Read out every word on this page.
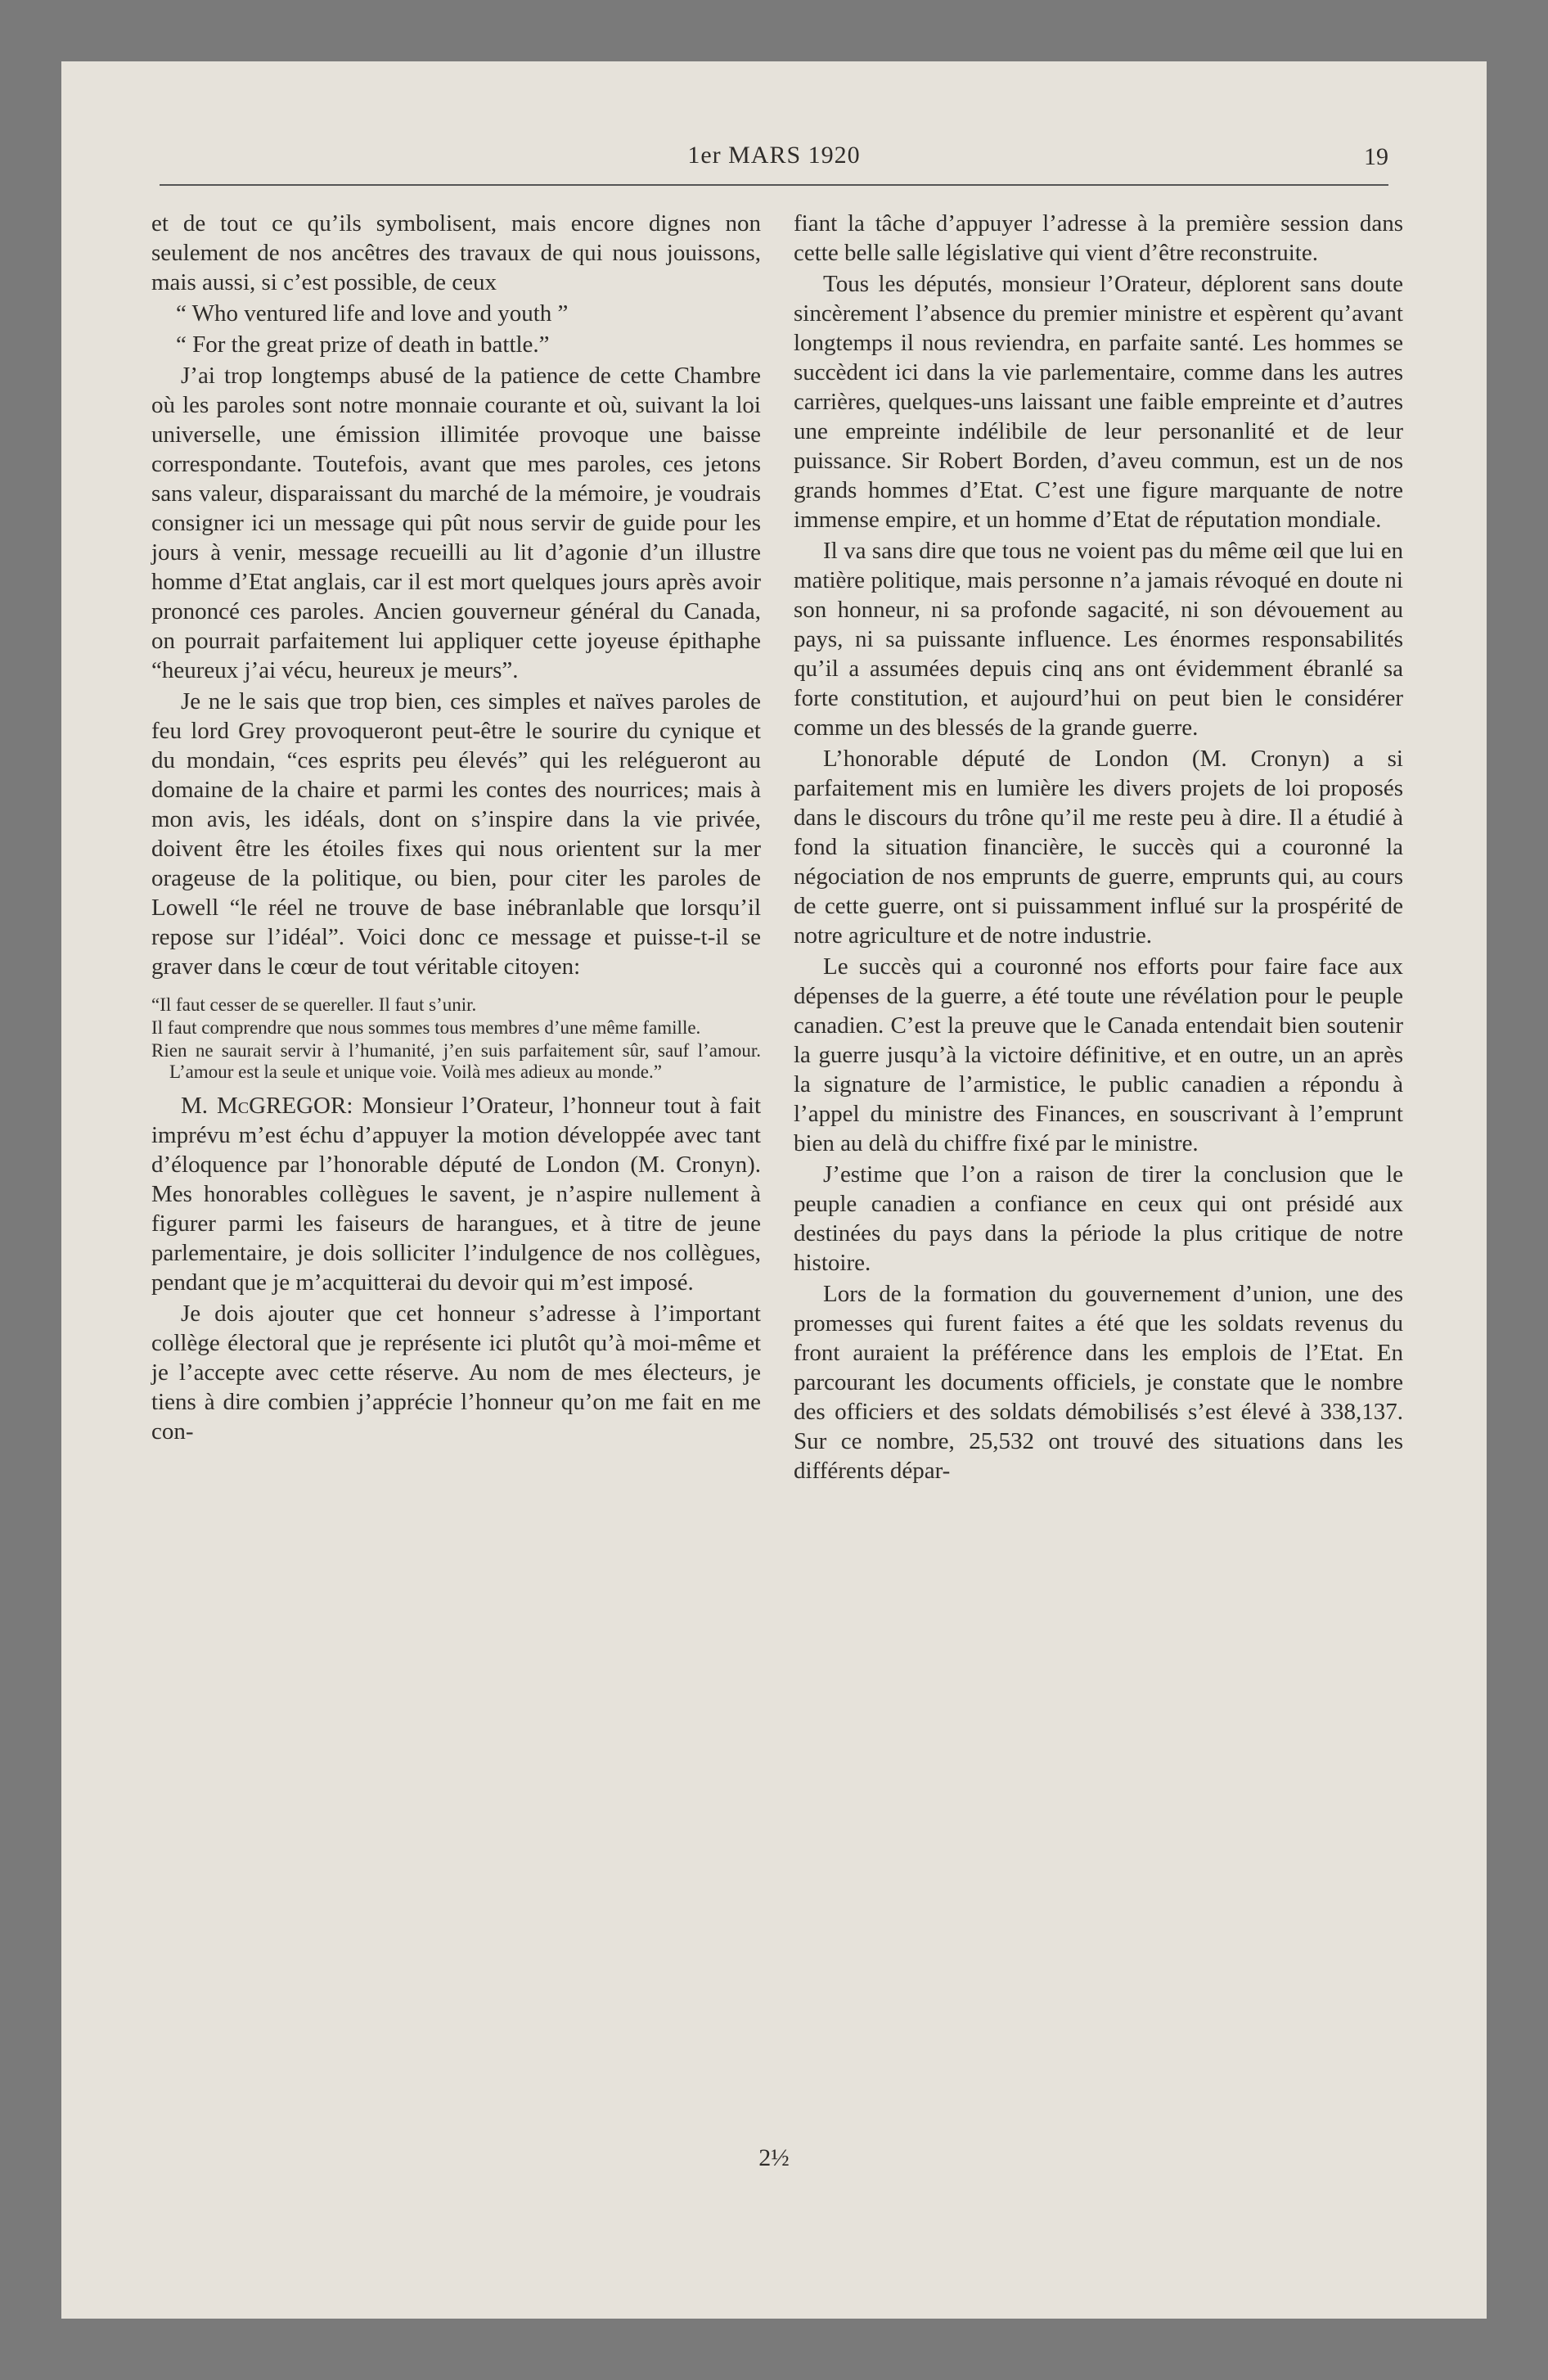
1er MARS 1920	19

et de tout ce qu’ils symbolisent, mais encore dignes non seulement de nos ancêtres des travaux de qui nous jouissons, mais aussi, si c’est possible, de ceux

“ Who ventured life and love and youth ”

“ For the great prize of death in battle.”

J’ai trop longtemps abusé de la patience de cette Chambre où les paroles sont notre monnaie courante et où, suivant la loi universelle, une émission illimitée provoque une baisse correspondante. Toutefois, avant que mes paroles, ces jetons sans valeur, disparaissant du marché de la mémoire, je voudrais consigner ici un message qui pût nous servir de guide pour les jours à venir, message recueilli au lit d’agonie d’un illustre homme d’Etat anglais, car il est mort quelques jours après avoir prononcé ces paroles. Ancien gouverneur général du Canada, on pourrait parfaitement lui appliquer cette joyeuse épithaphe “heureux j’ai vécu, heureux je meurs”.

Je ne le sais que trop bien, ces simples et naïves paroles de feu lord Grey provoqueront peut-être le sourire du cynique et du mondain, “ces esprits peu élevés” qui les relégueront au domaine de la chaire et parmi les contes des nourrices; mais à mon avis, les idéals, dont on s’inspire dans la vie privée, doivent être les étoiles fixes qui nous orientent sur la mer orageuse de la politique, ou bien, pour citer les paroles de Lowell “le réel ne trouve de base inébranlable que lorsqu’il repose sur l’idéal”. Voici donc ce message et puisse-t-il se graver dans le cœur de tout véritable citoyen:

“Il faut cesser de se quereller. Il faut s’unir.

Il faut comprendre que nous sommes tous membres d’une même famille.

Rien ne saurait servir à l’humanité, j’en suis parfaitement sûr, sauf l’amour. L’amour est la seule et unique voie. Voilà mes adieux au monde.”

M. McGREGOR: Monsieur l’Orateur, l’honneur tout à fait imprévu m’est échu d’appuyer la motion développée avec tant d’éloquence par l’honorable député de London (M. Cronyn). Mes honorables collègues le savent, je n’aspire nullement à figurer parmi les faiseurs de harangues, et à titre de jeune parlementaire, je dois solliciter l’indulgence de nos collègues, pendant que je m’acquitterai du devoir qui m’est imposé.

Je dois ajouter que cet honneur s’adresse à l’important collège électoral que je représente ici plutôt qu’à moi-même et je l’accepte avec cette réserve. Au nom de mes électeurs, je tiens à dire combien j’apprécie l’honneur qu’on me fait en me con-

fiant la tâche d’appuyer l’adresse à la première session dans cette belle salle législative qui vient d’être reconstruite.

Tous les députés, monsieur l’Orateur, déplorent sans doute sincèrement l’absence du premier ministre et espèrent qu’avant longtemps il nous reviendra, en parfaite santé. Les hommes se succèdent ici dans la vie parlementaire, comme dans les autres carrières, quelques-uns laissant une faible empreinte et d’autres une empreinte indélibile de leur personanlité et de leur puissance. Sir Robert Borden, d’aveu commun, est un de nos grands hommes d’Etat. C’est une figure marquante de notre immense empire, et un homme d’Etat de réputation mondiale.

Il va sans dire que tous ne voient pas du même œil que lui en matière politique, mais personne n’a jamais révoqué en doute ni son honneur, ni sa profonde sagacité, ni son dévouement au pays, ni sa puissante influence. Les énormes responsabilités qu’il a assumées depuis cinq ans ont évidemment ébranlé sa forte constitution, et aujourd’hui on peut bien le considérer comme un des blessés de la grande guerre.

L’honorable député de London (M. Cronyn) a si parfaitement mis en lumière les divers projets de loi proposés dans le discours du trône qu’il me reste peu à dire. Il a étudié à fond la situation financière, le succès qui a couronné la négociation de nos emprunts de guerre, emprunts qui, au cours de cette guerre, ont si puissamment influé sur la prospérité de notre agriculture et de notre industrie.

Le succès qui a couronné nos efforts pour faire face aux dépenses de la guerre, a été toute une révélation pour le peuple canadien. C’est la preuve que le Canada entendait bien soutenir la guerre jusqu’à la victoire définitive, et en outre, un an après la signature de l’armistice, le public canadien a répondu à l’appel du ministre des Finances, en souscrivant à l’emprunt bien au delà du chiffre fixé par le ministre.

J’estime que l’on a raison de tirer la conclusion que le peuple canadien a confiance en ceux qui ont présidé aux destinées du pays dans la période la plus critique de notre histoire.

Lors de la formation du gouvernement d’union, une des promesses qui furent faites a été que les soldats revenus du front auraient la préférence dans les emplois de l’Etat. En parcourant les documents officiels, je constate que le nombre des officiers et des soldats démobilisés s’est élevé à 338,137. Sur ce nombre, 25,532 ont trouvé des situations dans les différents dépar-

2½
